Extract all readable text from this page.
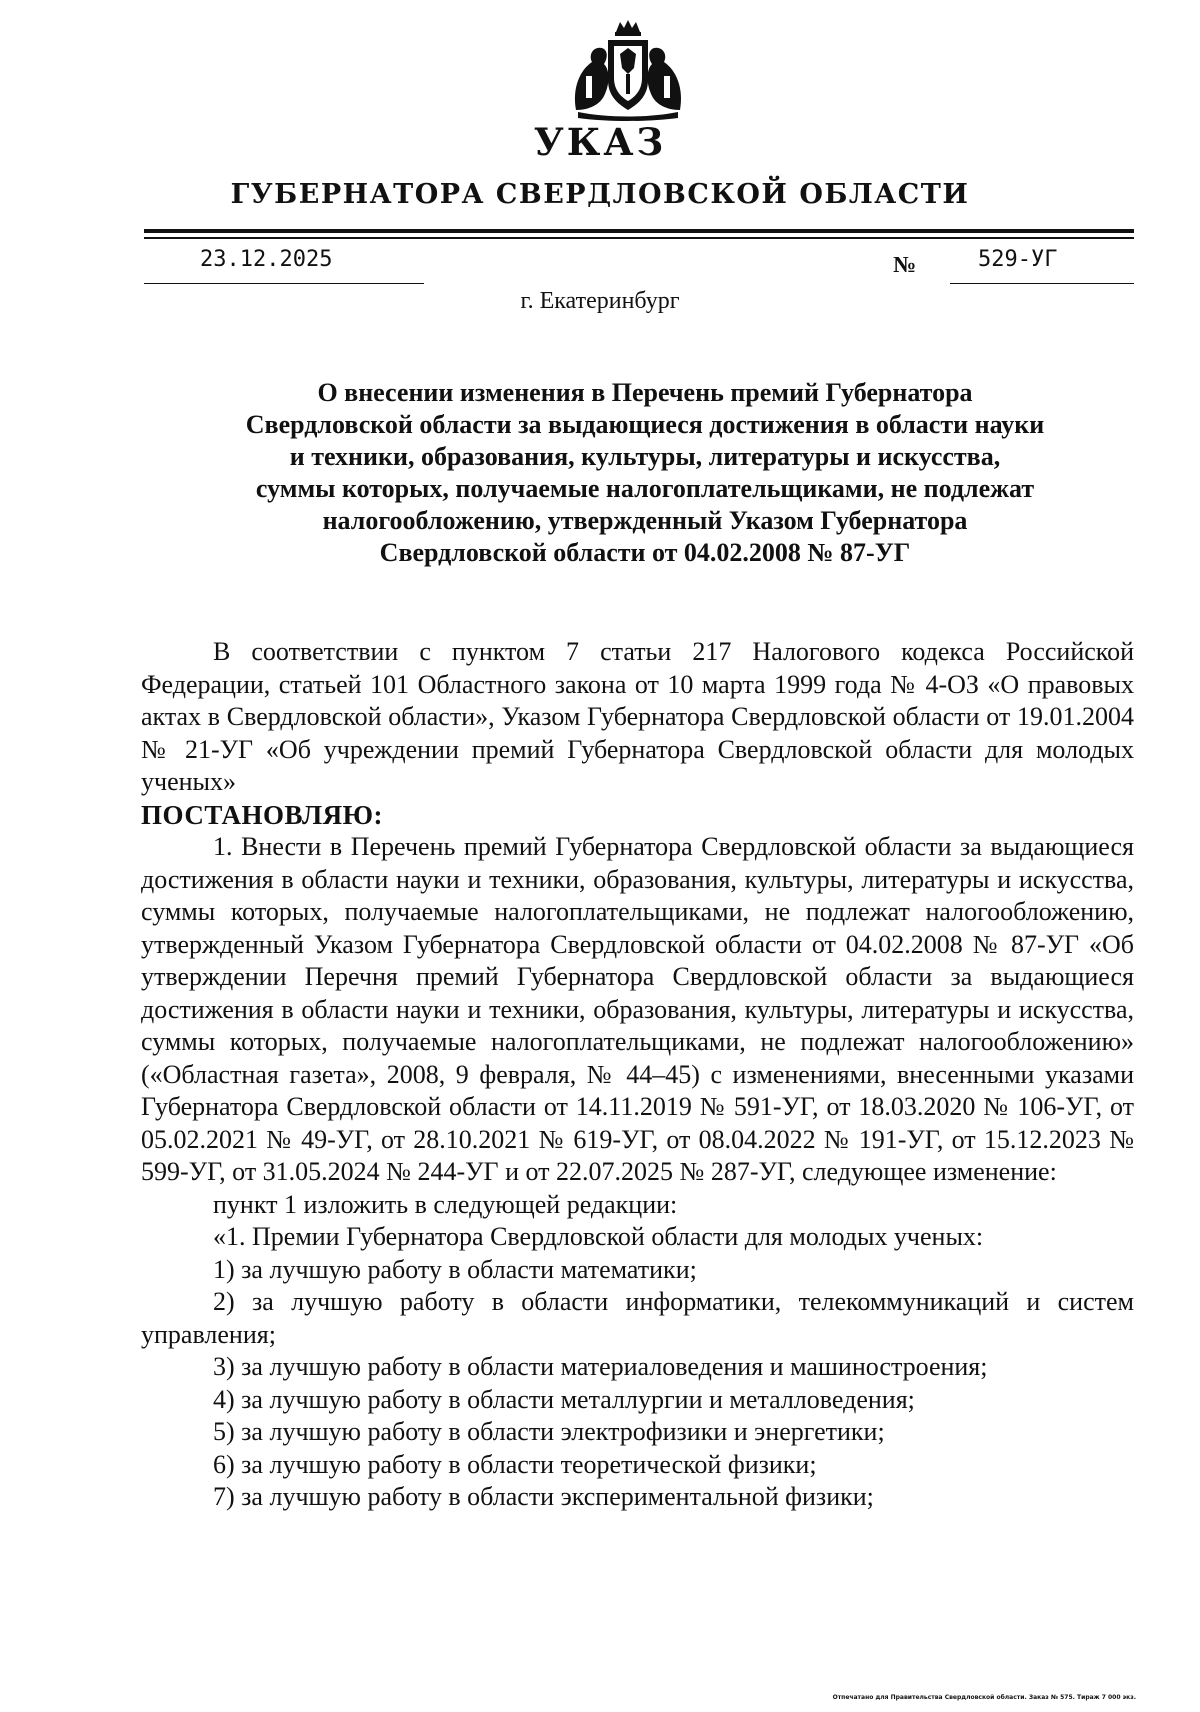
УКАЗ
ГУБЕРНАТОРА СВЕРДЛОВСКОЙ ОБЛАСТИ
23.12.2025	№	529-УГ
г. Екатеринбург
О внесении изменения в Перечень премий Губернатора
Свердловской области за выдающиеся достижения в области науки
и техники, образования, культуры, литературы и искусства,
суммы которых, получаемые налогоплательщиками, не подлежат
налогообложению, утвержденный Указом Губернатора
Свердловской области от 04.02.2008 № 87-УГ

В соответствии с пунктом 7 статьи 217 Налогового кодекса Российской Федерации, статьей 101 Областного закона от 10 марта 1999 года № 4-ОЗ «О правовых актах в Свердловской области», Указом Губернатора Свердловской области от 19.01.2004 № 21-УГ «Об учреждении премий Губернатора Свердловской области для молодых ученых»

ПОСТАНОВЛЯЮ:

1. Внести в Перечень премий Губернатора Свердловской области за выдающиеся достижения в области науки и техники, образования, культуры, литературы и искусства, суммы которых, получаемые налогоплательщиками, не подлежат налогообложению, утвержденный Указом Губернатора Свердловской области от 04.02.2008 № 87-УГ «Об утверждении Перечня премий Губернатора Свердловской области за выдающиеся достижения в области науки и техники, образования, культуры, литературы и искусства, суммы которых, получаемые налогоплательщиками, не подлежат налогообложению» («Областная газета», 2008, 9 февраля, № 44–45) с изменениями, внесенными указами Губернатора Свердловской области от 14.11.2019 № 591-УГ, от 18.03.2020 № 106-УГ, от 05.02.2021 № 49-УГ, от 28.10.2021 № 619-УГ, от 08.04.2022 № 191-УГ, от 15.12.2023 № 599-УГ, от 31.05.2024 № 244-УГ и от 22.07.2025 № 287-УГ, следующее изменение:

пункт 1 изложить в следующей редакции:

«1. Премии Губернатора Свердловской области для молодых ученых:

1) за лучшую работу в области математики;

2) за лучшую работу в области информатики, телекоммуникаций и систем управления;

3) за лучшую работу в области материаловедения и машиностроения;

4) за лучшую работу в области металлургии и металловедения;

5) за лучшую работу в области электрофизики и энергетики;

6) за лучшую работу в области теоретической физики;

7) за лучшую работу в области экспериментальной физики;

Отпечатано для Правительства Свердловской области. Заказ № 575. Тираж 7 000 экз.
